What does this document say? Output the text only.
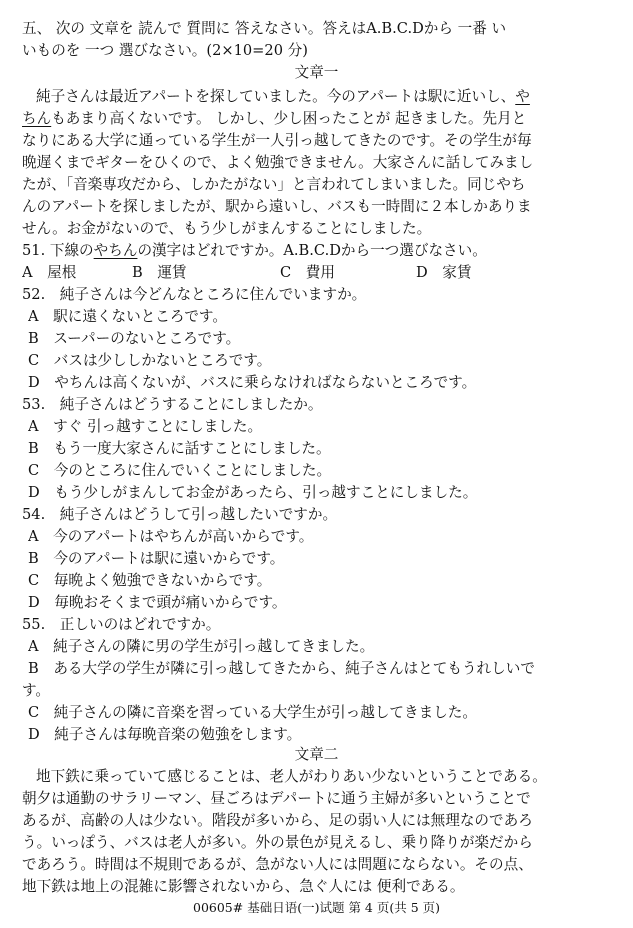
五、 次の 文章を 読んで 質問に 答えなさい。答えはA.B.C.Dから 一番 い
いものを 一つ 選びなさい。(2×10=20 分)
文章一
純子さんは最近アパートを探していました。今のアパートは駅に近いし、や
ちんもあまり高くないです。 しかし、少し困ったことが 起きました。先月と
なりにある大学に通っている学生が一人引っ越してきたのです。その学生が毎
晩遅くまでギターをひくので、よく勉強できません。大家さんに話してみまし
たが、「音楽専攻だから、しかたがない」と言われてしまいました。同じやち
んのアパートを探しましたが、駅から遠いし、バスも一時間に２本しかありま
せん。お金がないので、もう少しがまんすることにしました。
51. 下線のやちんの漢字はどれですか。A.B.C.Dから一つ選びなさい。
A　屋根	B　運賃	C　費用	D　家賃
52.　純子さんは今どんなところに住んでいますか。
A　駅に遠くないところです。
B　スーパーのないところです。
C　バスは少ししかないところです。
D　やちんは高くないが、バスに乗らなければならないところです。
53.　純子さんはどうすることにしましたか。
A　すぐ 引っ越すことにしました。
B　もう一度大家さんに話すことにしました。
C　今のところに住んでいくことにしました。
D　もう少しがまんしてお金があったら、引っ越すことにしました。
54.　純子さんはどうして引っ越したいですか。
A　今のアパートはやちんが高いからです。
B　今のアパートは駅に遠いからです。
C　毎晩よく勉強できないからです。
D　毎晩おそくまで頭が痛いからです。
55.　正しいのはどれですか。
A　純子さんの隣に男の学生が引っ越してきました。
B　ある大学の学生が隣に引っ越してきたから、純子さんはとてもうれしいで
す。
C　純子さんの隣に音楽を習っている大学生が引っ越してきました。
D　純子さんは毎晩音楽の勉強をします。
文章二
地下鉄に乗っていて感じることは、老人がわりあい少ないということである。
朝夕は通勤のサラリーマン、昼ごろはデパートに通う主婦が多いということで
あるが、高齢の人は少ない。階段が多いから、足の弱い人には無理なのであろ
う。いっぽう、バスは老人が多い。外の景色が見えるし、乗り降りが楽だから
であろう。時間は不規則であるが、急がない人には問題にならない。その点、
地下鉄は地上の混雑に影響されないから、急ぐ人には 便利である。
00605# 基础日语(一)试题 第 4 页(共 5 页)
